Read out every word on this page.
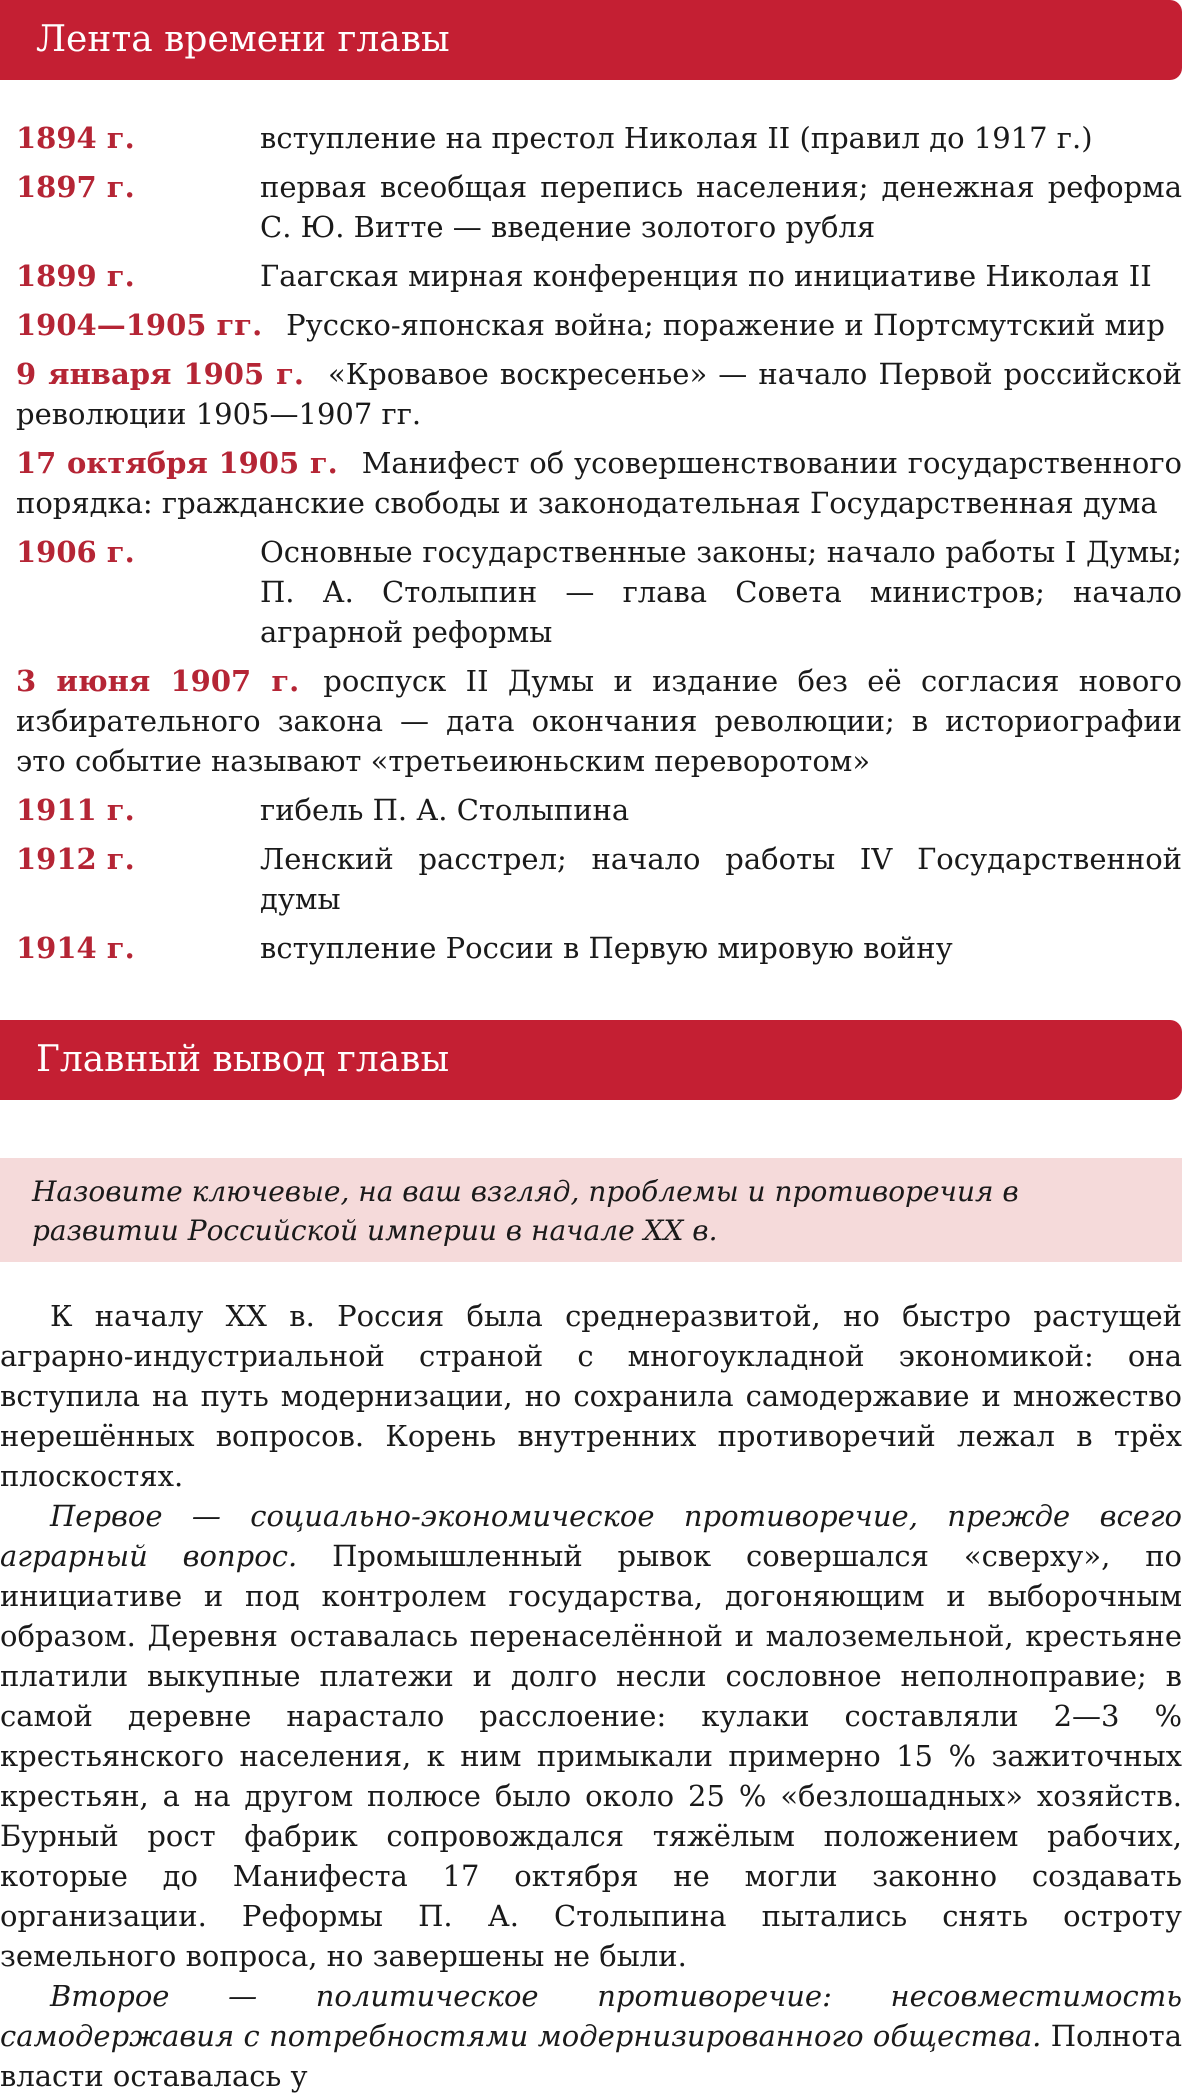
Лента времени главы
1894 г.	вступление на престол Николая II (правил до 1917 г.)
1897 г.	первая всеобщая перепись населения; денежная реформа С. Ю. Витте — введение золотого рубля
1899 г.	Гаагская мирная конференция по инициативе Николая II
1904—1905 гг. Русско-японская война; поражение и Портсмутский мир
9 января 1905 г. «Кровавое воскресенье» — начало Первой российской революции 1905—1907 гг.
17 октября 1905 г. Манифест об усовершенствовании государственного порядка: гражданские свободы и законодательная Государственная дума
1906 г.	Основные государственные законы; начало работы I Думы; П. А. Столыпин — глава Совета министров; начало аграрной реформы
3 июня 1907 г. роспуск II Думы и издание без её согласия нового избирательного закона — дата окончания революции; в историографии это событие называют «третьеиюньским переворотом»
1911 г.	гибель П. А. Столыпина
1912 г.	Ленский расстрел; начало работы IV Государственной думы
1914 г.	вступление России в Первую мировую войну
Главный вывод главы
Назовите ключевые, на ваш взгляд, проблемы и противоречия в развитии Российской империи в начале XX в.

К началу XX в. Россия была среднеразвитой, но быстро растущей аграрно-индустриальной страной с многоукладной экономикой: она вступила на путь модернизации, но сохранила самодержавие и множество нерешённых вопросов. Корень внутренних противоречий лежал в трёх плоскостях.

Первое — социально-экономическое противоречие, прежде всего аграрный вопрос. Промышленный рывок совершался «сверху», по инициативе и под контролем государства, догоняющим и выборочным образом. Деревня оставалась перенаселённой и малоземельной, крестьяне платили выкупные платежи и долго несли сословное неполноправие; в самой деревне нарастало расслоение: кулаки составляли 2—3 % крестьянского населения, к ним примыкали примерно 15 % зажиточных крестьян, а на другом полюсе было около 25 % «безлошадных» хозяйств. Бурный рост фабрик сопровождался тяжёлым положением рабочих, которые до Манифеста 17 октября не могли законно создавать организации. Реформы П. А. Столыпина пытались снять остроту земельного вопроса, но завершены не были.

Второе — политическое противоречие: несовместимость самодержавия с потребностями модернизированного общества. Полнота власти оставалась у
